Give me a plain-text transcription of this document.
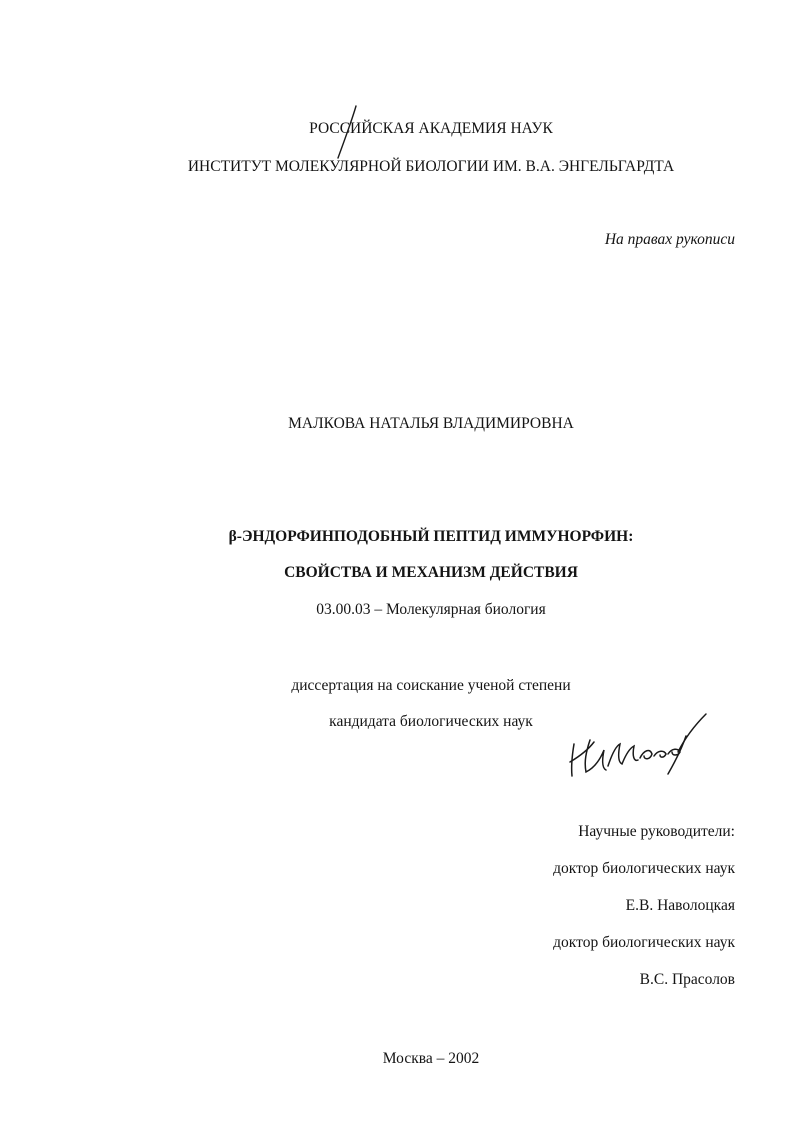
РОССИЙСКАЯ АКАДЕМИЯ НАУК
ИНСТИТУТ МОЛЕКУЛЯРНОЙ БИОЛОГИИ ИМ. В.А. ЭНГЕЛЬГАРДТА
На правах рукописи
МАЛКОВА НАТАЛЬЯ ВЛАДИМИРОВНА
β-ЭНДОРФИНПОДОБНЫЙ ПЕПТИД ИММУНОРФИН:
СВОЙСТВА И МЕХАНИЗМ ДЕЙСТВИЯ
03.00.03 – Молекулярная биология
диссертация на соискание ученой степени
кандидата биологических наук
Научные руководители:
доктор биологических наук
Е.В. Наволоцкая
доктор биологических наук
В.С. Прасолов
Москва – 2002
